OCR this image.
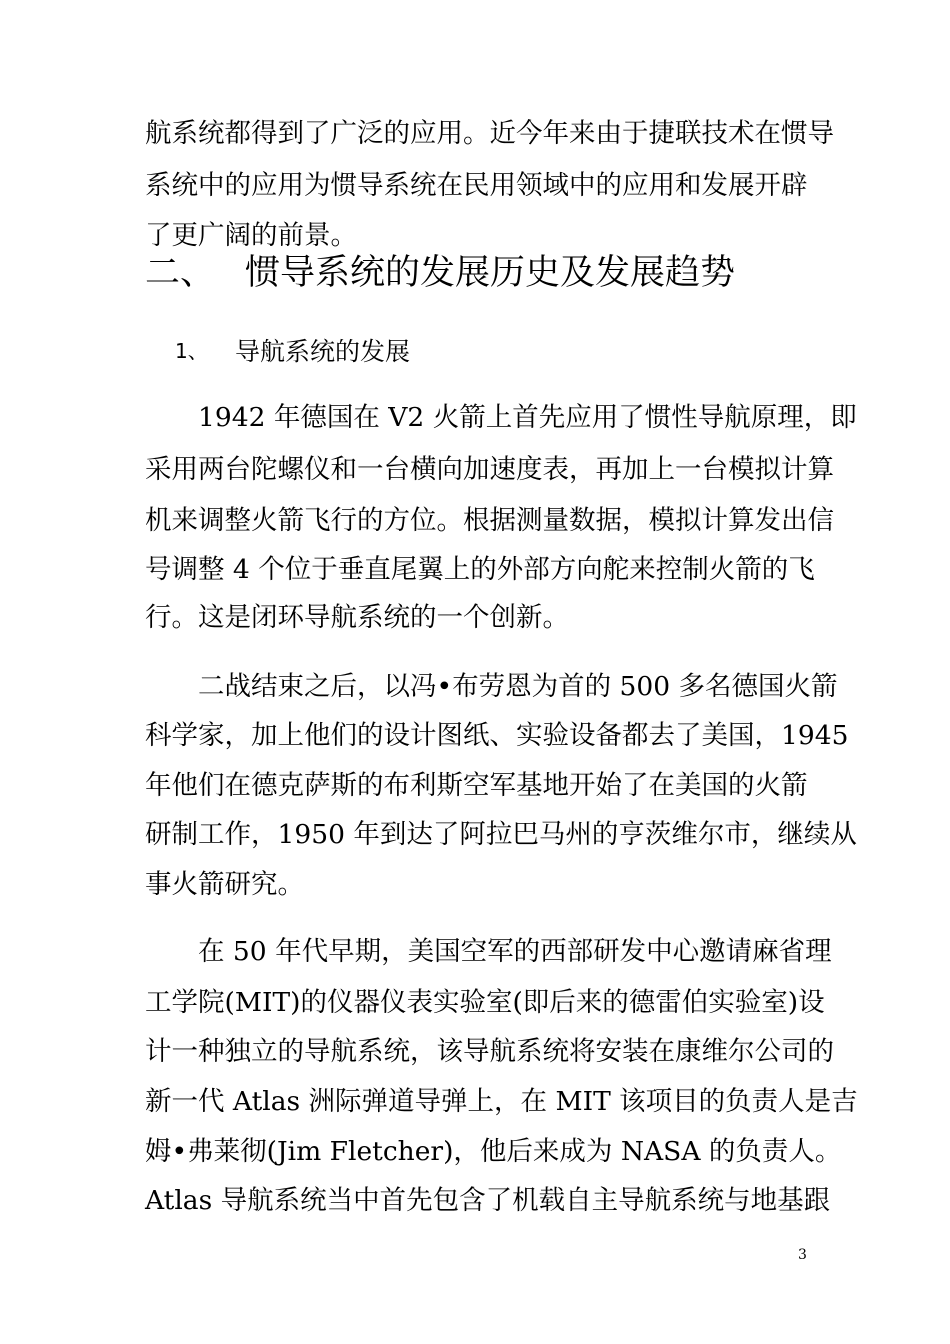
航系统都得到了广泛的应用。近今年来由于捷联技术在惯导
系统中的应用为惯导系统在民用领域中的应用和发展开辟
了更广阔的前景。
二、 惯导系统的发展历史及发展趋势
1、 导航系统的发展
1942 年德国在 V2 火箭上首先应用了惯性导航原理，即
采用两台陀螺仪和一台横向加速度表，再加上一台模拟计算
机来调整火箭飞行的方位。根据测量数据，模拟计算发出信
号调整 4 个位于垂直尾翼上的外部方向舵来控制火箭的飞
行。这是闭环导航系统的一个创新。
二战结束之后，以冯•布劳恩为首的 500 多名德国火箭
科学家，加上他们的设计图纸、实验设备都去了美国，1945
年他们在德克萨斯的布利斯空军基地开始了在美国的火箭
研制工作，1950 年到达了阿拉巴马州的亨茨维尔市，继续从
事火箭研究。
在 50 年代早期，美国空军的西部研发中心邀请麻省理
工学院(MIT)的仪器仪表实验室(即后来的德雷伯实验室)设
计一种独立的导航系统，该导航系统将安装在康维尔公司的
新一代 Atlas 洲际弹道导弹上，在 MIT 该项目的负责人是吉
姆•弗莱彻(Jim Fletcher)，他后来成为 NASA 的负责人。
Atlas 导航系统当中首先包含了机载自主导航系统与地基跟
3
